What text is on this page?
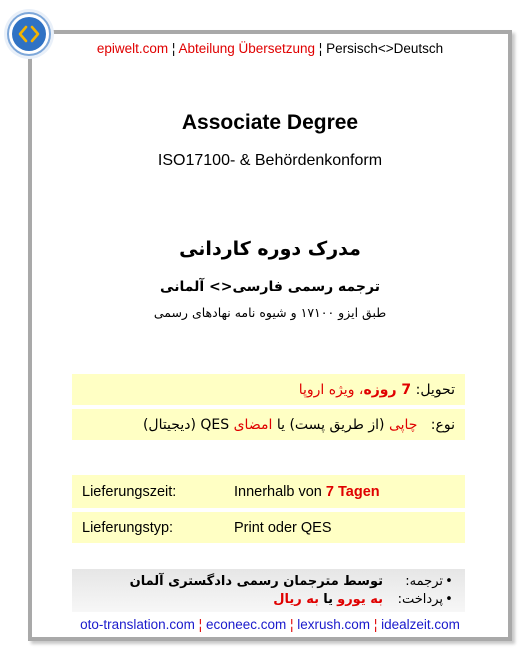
epiwelt.com ¦ Abteilung Übersetzung ¦ Persisch<>Deutsch
Associate Degree
ISO17100- & Behördenkonform
مدرک دوره کاردانی
ترجمه رسمی فارسی<> آلمانی
طبق ایزو ۱۷۱۰۰ و شیوه نامه نهادهای رسمی
تحویل:

7 روزه
، ویژه اروپا
نوع:

چاپی

(از طریق پست)

یا

امضای

QES (دیجیتال)
Lieferungszeit:	Innerhalb von
7 Tagen
Lieferungstyp:	Print oder QES
•
ترجمه:
توسط مترجمان رسمی دادگستری آلمان
•
پرداخت:
به یورو

یا

به ریال
oto-translation.com ¦ econeec.com ¦ lexrush.com ¦ idealzeit.com
